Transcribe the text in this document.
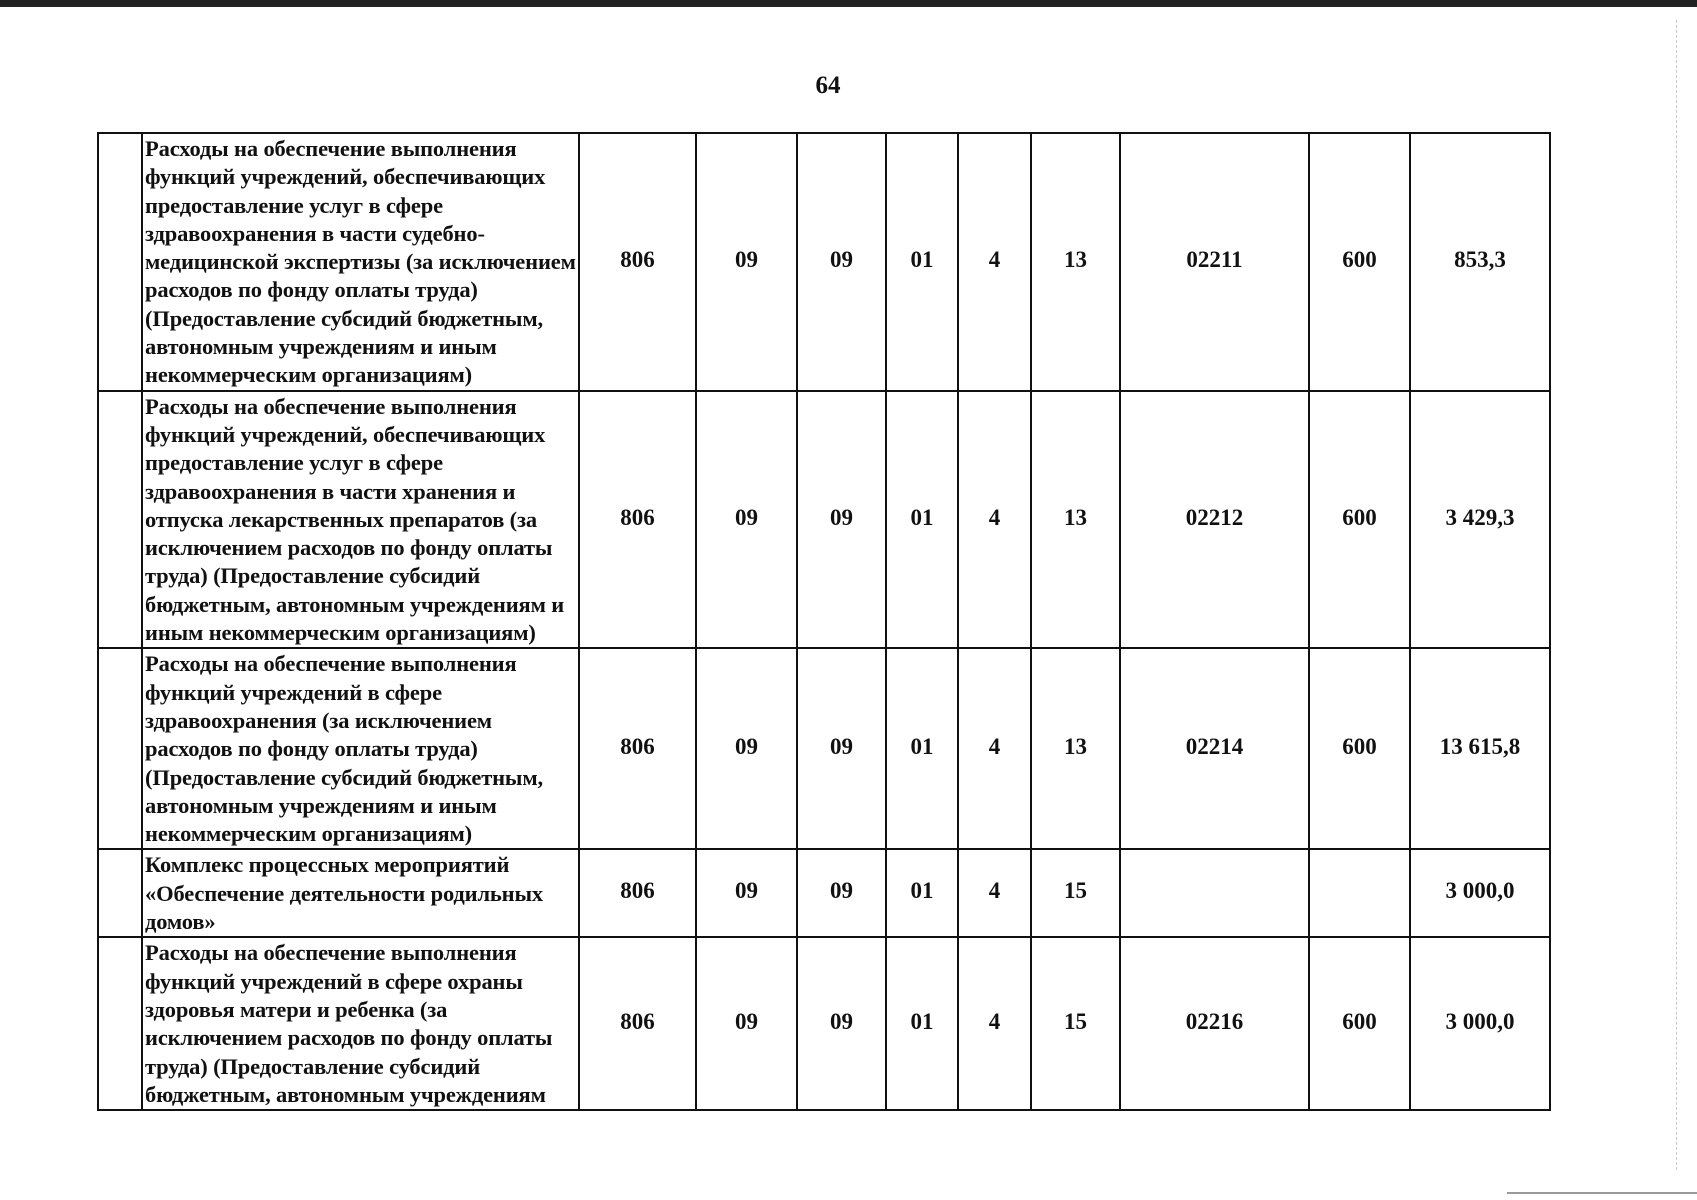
64
	Расходы на обеспечение выполнения функций учреждений, обеспечивающих предоставление услуг в сфере здравоохранения в части судебно-медицинской экспертизы (за исключением расходов по фонду оплаты труда) (Предоставление субсидий бюджетным, автономным учреждениям и иным некоммерческим организациям)	806	09	09	01	4	13	02211	600	853,3
	Расходы на обеспечение выполнения функций учреждений, обеспечивающих предоставление услуг в сфере здравоохранения в части хранения и отпуска лекарственных препаратов (за исключением расходов по фонду оплаты труда) (Предоставление субсидий бюджетным, автономным учреждениям и иным некоммерческим организациям)	806	09	09	01	4	13	02212	600	3 429,3
	Расходы на обеспечение выполнения функций учреждений в сфере здравоохранения (за исключением расходов по фонду оплаты труда) (Предоставление субсидий бюджетным, автономным учреждениям и иным некоммерческим организациям)	806	09	09	01	4	13	02214	600	13 615,8
	Комплекс процессных мероприятий «Обеспечение деятельности родильных домов»	806	09	09	01	4	15			3 000,0
	Расходы на обеспечение выполнения функций учреждений в сфере охраны здоровья матери и ребенка (за исключением расходов по фонду оплаты труда) (Предоставление субсидий бюджетным, автономным учреждениям	806	09	09	01	4	15	02216	600	3 000,0
